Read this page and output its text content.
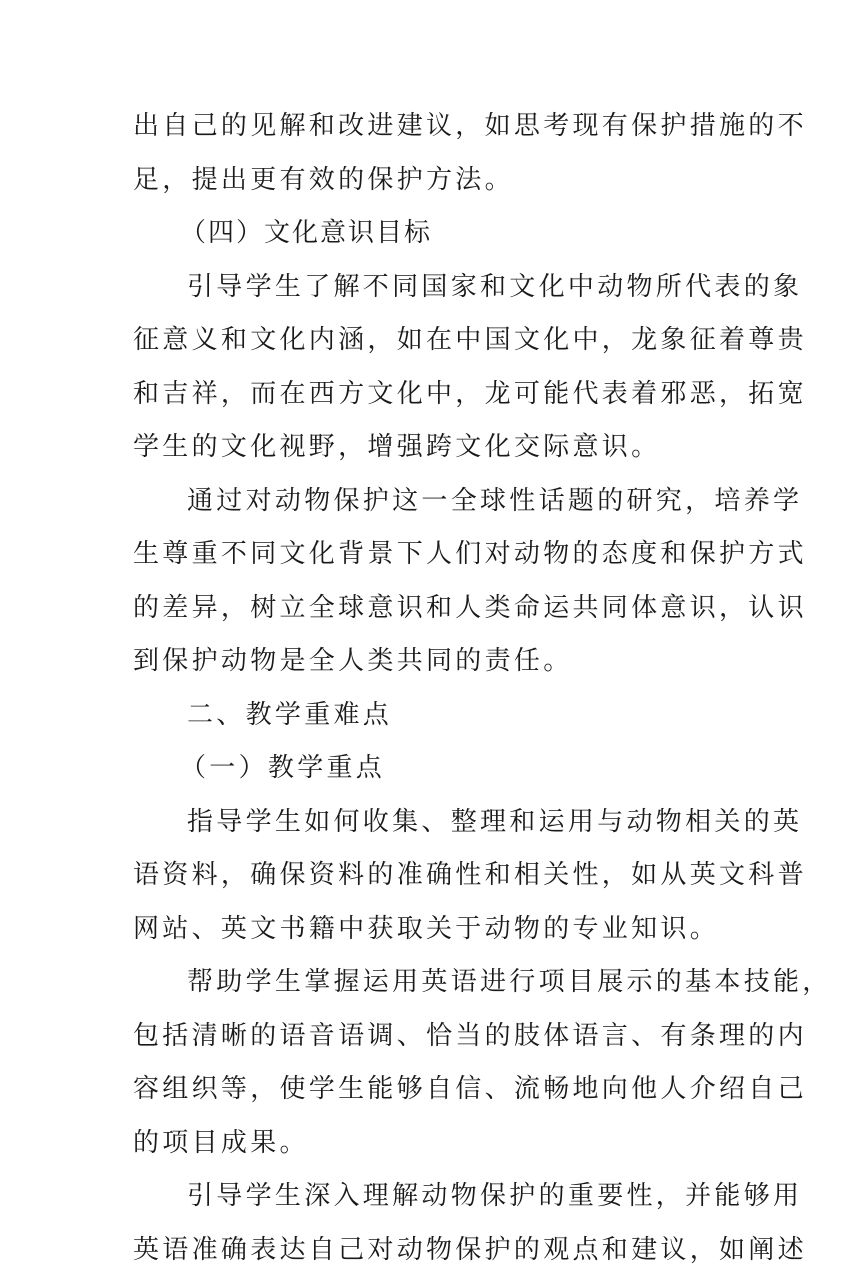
出自己的见解和改进建议，如思考现有保护措施的不

足，提出更有效的保护方法。

（四）文化意识目标

引导学生了解不同国家和文化中动物所代表的象

征意义和文化内涵，如在中国文化中，龙象征着尊贵

和吉祥，而在西方文化中，龙可能代表着邪恶，拓宽

学生的文化视野，增强跨文化交际意识。

通过对动物保护这一全球性话题的研究，培养学

生尊重不同文化背景下人们对动物的态度和保护方式

的差异，树立全球意识和人类命运共同体意识，认识

到保护动物是全人类共同的责任。

二、教学重难点

（一）教学重点

指导学生如何收集、整理和运用与动物相关的英

语资料，确保资料的准确性和相关性，如从英文科普

网站、英文书籍中获取关于动物的专业知识。

帮助学生掌握运用英语进行项目展示的基本技能，

包括清晰的语音语调、恰当的肢体语言、有条理的内

容组织等，使学生能够自信、流畅地向他人介绍自己

的项目成果。

引导学生深入理解动物保护的重要性，并能够用

英语准确表达自己对动物保护的观点和建议，如阐述
